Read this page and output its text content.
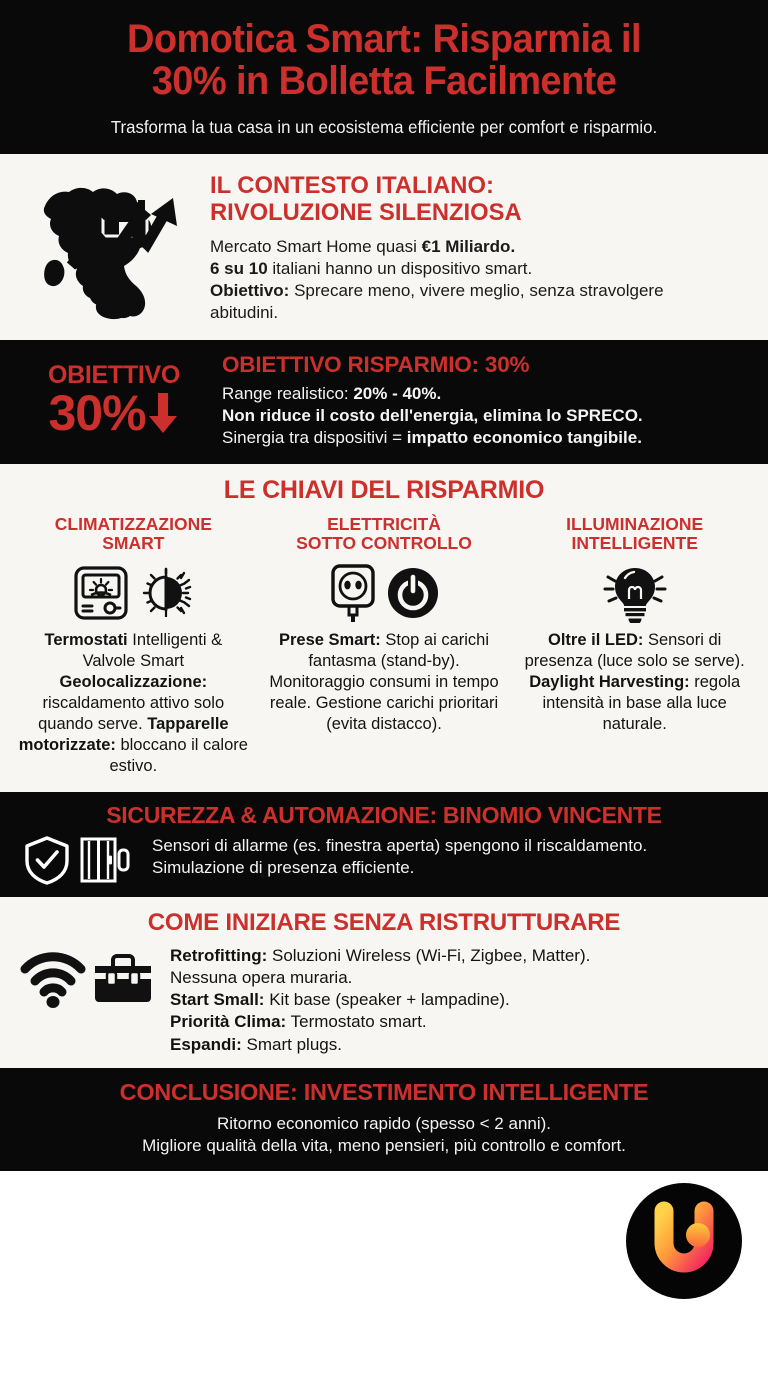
Domotica Smart: Risparmia il
30% in Bolletta Facilmente
Trasforma la tua casa in un ecosistema efficiente per comfort e risparmio.
IL CONTESTO ITALIANO:
RIVOLUZIONE SILENZIOSA
Mercato Smart Home quasi €1 Miliardo.
6 su 10 italiani hanno un dispositivo smart.
Obiettivo: Sprecare meno, vivere meglio, senza stravolgere
abitudini.
OBIETTIVO
30%
OBIETTIVO RISPARMIO: 30%
Range realistico: 20% - 40%.
Non riduce il costo dell'energia, elimina lo SPRECO.
Sinergia tra dispositivi = impatto economico tangibile.
LE CHIAVI DEL RISPARMIO
CLIMATIZZAZIONE
SMART

Termostati Intelligenti & Valvole Smart Geolocalizzazione: riscaldamento attivo solo quando serve. Tapparelle motorizzate: bloccano il calore estivo.

ELETTRICITÀ
SOTTO CONTROLLO

Prese Smart: Stop ai carichi fantasma (stand-by). Monitoraggio consumi in tempo reale. Gestione carichi prioritari (evita distacco).

ILLUMINAZIONE
INTELLIGENTE

Oltre il LED: Sensori di presenza (luce solo se serve). Daylight Harvesting: regola intensità in base alla luce naturale.

SICUREZZA & AUTOMAZIONE: BINOMIO VINCENTE
Sensori di allarme (es. finestra aperta) spengono il riscaldamento.
Simulazione di presenza efficiente.
COME INIZIARE SENZA RISTRUTTURARE
Retrofitting: Soluzioni Wireless (Wi-Fi, Zigbee, Matter).
Nessuna opera muraria.
Start Small: Kit base (speaker + lampadine).
Priorità Clima: Termostato smart.
Espandi: Smart plugs.
CONCLUSIONE: INVESTIMENTO INTELLIGENTE
Ritorno economico rapido (spesso < 2 anni).
Migliore qualità della vita, meno pensieri, più controllo e comfort.
